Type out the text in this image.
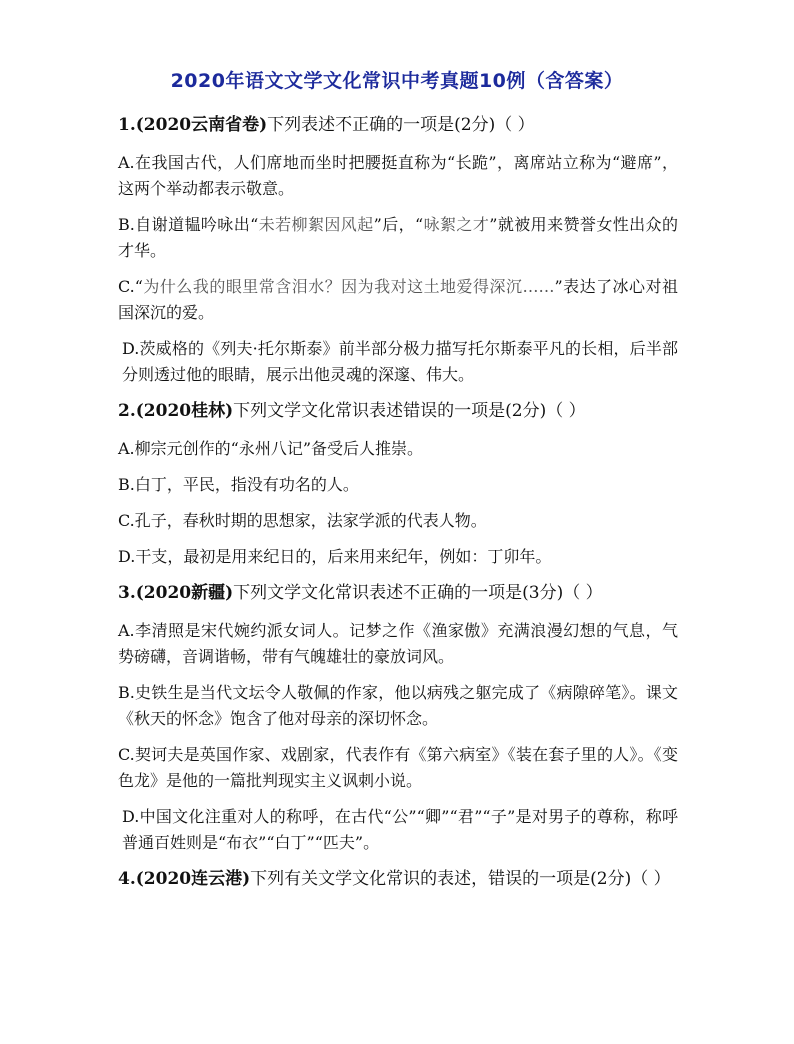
2020年语文文学文化常识中考真题10例（含答案）
1.(2020云南省卷)下列表述不正确的一项是(2分)（ ）
A.在我国古代，人们席地而坐时把腰挺直称为“长跪”，离席站立称为“避席”，这两个举动都表示敬意。
B.自谢道韫吟咏出“未若柳絮因风起”后，“咏絮之才”就被用来赞誉女性出众的才华。
C.“为什么我的眼里常含泪水？因为我对这土地爱得深沉……”表达了冰心对祖国深沉的爱。
D.茨威格的《列夫·托尔斯泰》前半部分极力描写托尔斯泰平凡的长相，后半部分则透过他的眼睛，展示出他灵魂的深邃、伟大。
2.(2020桂林)下列文学文化常识表述错误的一项是(2分)（ ）
A.柳宗元创作的“永州八记”备受后人推崇。
B.白丁，平民，指没有功名的人。
C.孔子，春秋时期的思想家，法家学派的代表人物。
D.干支，最初是用来纪日的，后来用来纪年，例如：丁卯年。
3.(2020新疆)下列文学文化常识表述不正确的一项是(3分)（ ）
A.李清照是宋代婉约派女词人。记梦之作《渔家傲》充满浪漫幻想的气息，气势磅礴，音调谐畅，带有气魄雄壮的豪放词风。
B.史铁生是当代文坛令人敬佩的作家，他以病残之躯完成了《病隙碎笔》。课文《秋天的怀念》饱含了他对母亲的深切怀念。
C.契诃夫是英国作家、戏剧家，代表作有《第六病室》《装在套子里的人》。《变色龙》是他的一篇批判现实主义讽刺小说。
D.中国文化注重对人的称呼，在古代“公”“卿”“君”“子”是对男子的尊称，称呼普通百姓则是“布衣”“白丁”“匹夫”。
4.(2020连云港)下列有关文学文化常识的表述，错误的一项是(2分)（ ）
